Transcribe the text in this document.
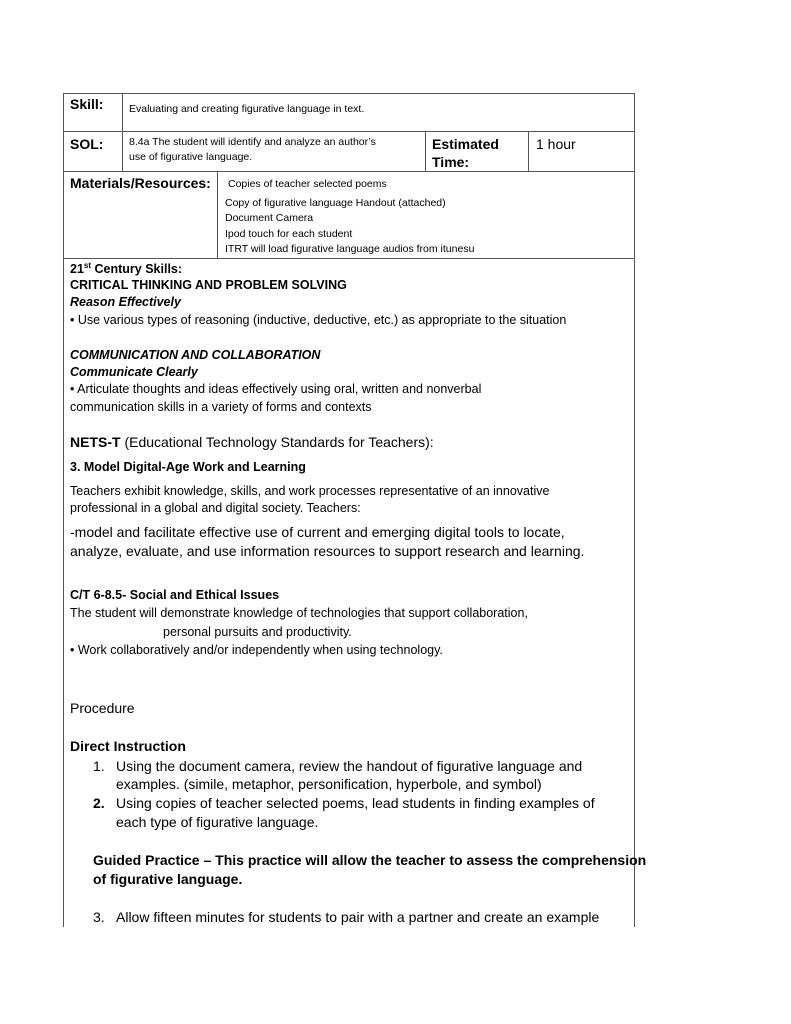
Skill: Evaluating and creating figurative language in text.
SOL: 8.4a The student will identify and analyze an author’s
use of figurative language.
Estimated
Time:
1 hour
Materials/Resources: Copies of teacher selected poems
Copy of figurative language Handout (attached)
Document Camera
Ipod touch for each student
ITRT will load figurative language audios from itunesu
21st Century Skills:
CRITICAL THINKING AND PROBLEM SOLVING
Reason Effectively
• Use various types of reasoning (inductive, deductive, etc.) as appropriate to the situation
COMMUNICATION AND COLLABORATION
Communicate Clearly
• Articulate thoughts and ideas effectively using oral, written and nonverbal
communication skills in a variety of forms and contexts
NETS-T (Educational Technology Standards for Teachers):
3. Model Digital-Age Work and Learning
Teachers exhibit knowledge, skills, and work processes representative of an innovative
professional in a global and digital society. Teachers:
-model and facilitate effective use of current and emerging digital tools to locate,
analyze, evaluate, and use information resources to support research and learning.
C/T 6-8.5- Social and Ethical Issues
The student will demonstrate knowledge of technologies that support collaboration,
personal pursuits and productivity.
• Work collaboratively and/or independently when using technology.
Procedure
Direct Instruction
1. Using the document camera, review the handout of figurative language and
examples. (simile, metaphor, personification, hyperbole, and symbol)
2. Using copies of teacher selected poems, lead students in finding examples of
each type of figurative language.
Guided Practice – This practice will allow the teacher to assess the comprehension
of figurative language.
3. Allow fifteen minutes for students to pair with a partner and create an example
